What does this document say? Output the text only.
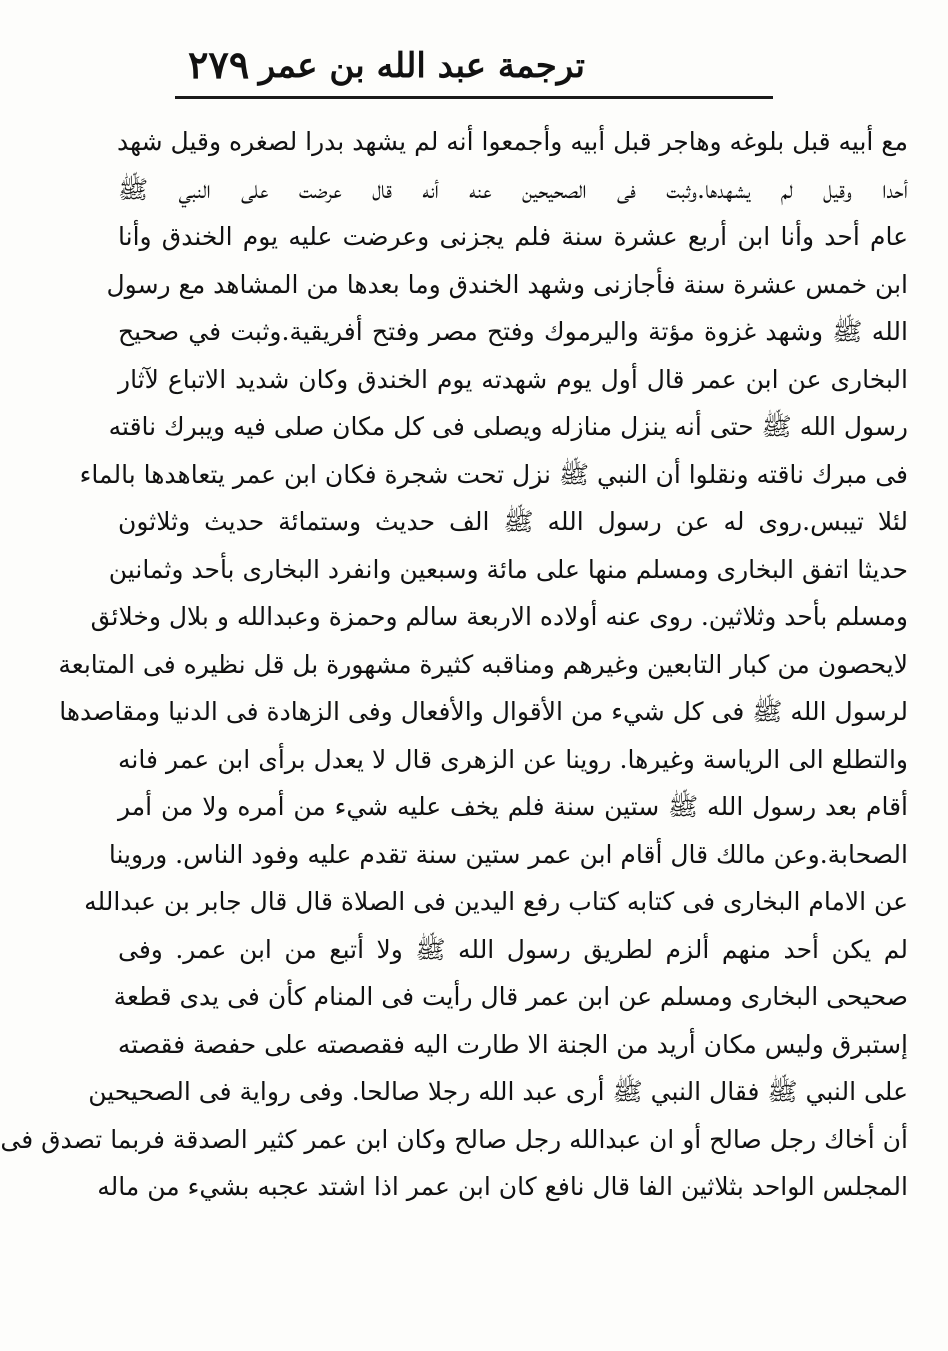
ترجمة عبد الله بن عمر
٢٧٩
مع أبيه قبل بلوغه وهاجر قبل أبيه وأجمعوا أنه لم يشهد بدرا لصغره وقيل شهد
أحدا وقيل لم يشهدها.وثبت فى الصحيحين عنه أنه قال عرضت على النبي ﷺ
عام أحد وأنا ابن أربع عشرة سنة فلم يجزنى وعرضت عليه يوم الخندق وأنا
ابن خمس عشرة سنة فأجازنى وشهد الخندق وما بعدها من المشاهد مع رسول
الله ﷺ وشهد غزوة مؤتة واليرموك وفتح مصر وفتح أفريقية.وثبت في صحيح
البخارى عن ابن عمر قال أول يوم شهدته يوم الخندق وكان شديد الاتباع لآثار
رسول الله ﷺ حتى أنه ينزل منازله ويصلى فى كل مكان صلى فيه ويبرك ناقته
فى مبرك ناقته ونقلوا أن النبي ﷺ نزل تحت شجرة فكان ابن عمر يتعاهدها بالماء
لئلا تيبس.روى له عن رسول الله ﷺ الف حديث وستمائة حديث وثلاثون
حديثا اتفق البخارى ومسلم منها على مائة وسبعين وانفرد البخارى بأحد وثمانين
ومسلم بأحد وثلاثين. روى عنه أولاده الاربعة سالم وحمزة وعبدالله و بلال وخلائق
لايحصون من كبار التابعين وغيرهم ومناقبه كثيرة مشهورة بل قل نظيره فى المتابعة
لرسول الله ﷺ فى كل شيء من الأقوال والأفعال وفى الزهادة فى الدنيا ومقاصدها
والتطلع الى الرياسة وغيرها. روينا عن الزهرى قال لا يعدل برأى ابن عمر فانه
أقام بعد رسول الله ﷺ ستين سنة فلم يخف عليه شيء من أمره ولا من أمر
الصحابة.وعن مالك قال أقام ابن عمر ستين سنة تقدم عليه وفود الناس. وروينا
عن الامام البخارى فى كتابه كتاب رفع اليدين فى الصلاة قال قال جابر بن عبدالله
لم يكن أحد منهم ألزم لطريق رسول الله ﷺ ولا أتبع من ابن عمر. وفى
صحيحى البخارى ومسلم عن ابن عمر قال رأيت فى المنام كأن فى يدى قطعة
إستبرق وليس مكان أريد من الجنة الا طارت اليه فقصصته على حفصة فقصته
على النبي ﷺ فقال النبي ﷺ أرى عبد الله رجلا صالحا. وفى رواية فى الصحيحين
أن أخاك رجل صالح أو ان عبدالله رجل صالح وكان ابن عمر كثير الصدقة فربما تصدق فى
المجلس الواحد بثلاثين الفا قال نافع كان ابن عمر اذا اشتد عجبه بشيء من ماله
